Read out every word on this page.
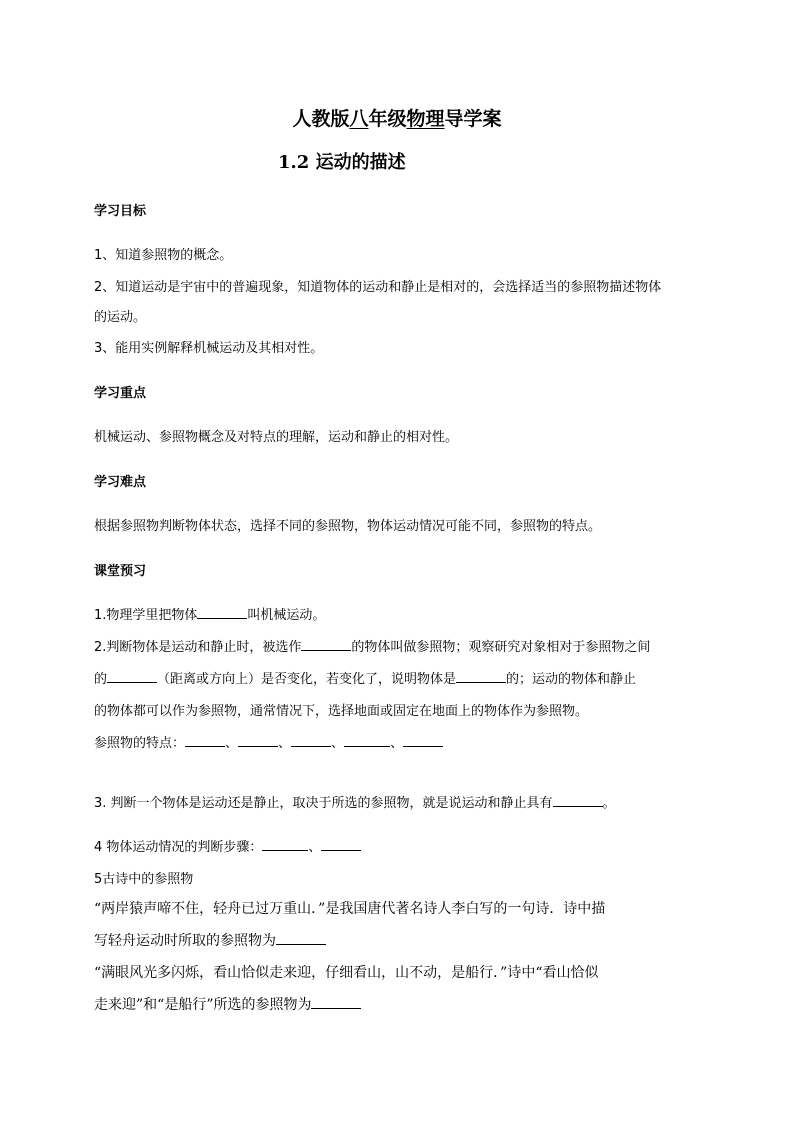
人教版八年级物理导学案
1.2 运动的描述
学习目标
1、知道参照物的概念。
2、知道运动是宇宙中的普遍现象，知道物体的运动和静止是相对的，会选择适当的参照物描述物体
的运动。
3、能用实例解释机械运动及其相对性。
学习重点
机械运动、参照物概念及对特点的理解，运动和静止的相对性。
学习难点
根据参照物判断物体状态，选择不同的参照物，物体运动情况可能不同，参照物的特点。
课堂预习
1.物理学里把物体	叫机械运动。
2.判断物体是运动和静止时，被选作	的物体叫做参照物；观察研究对象相对于参照物之间
的	（距离或方向上）是否变化，若变化了，说明物体是	的；运动的物体和静止
的物体都可以作为参照物，通常情况下，选择地面或固定在地面上的物体作为参照物。
参照物的特点：	、	、	、	、
3. 判断一个物体是运动还是静止，取决于所选的参照物，就是说运动和静止具有	。
4 物体运动情况的判断步骤：	、
5古诗中的参照物
“两岸猿声啼不住，轻舟已过万重山．”是我国唐代著名诗人李白写的一句诗．诗中描
写轻舟运动时所取的参照物为
“满眼风光多闪烁，看山恰似走来迎，仔细看山，山不动，是船行．”诗中“看山恰似
走来迎”和“是船行”所选的参照物为
